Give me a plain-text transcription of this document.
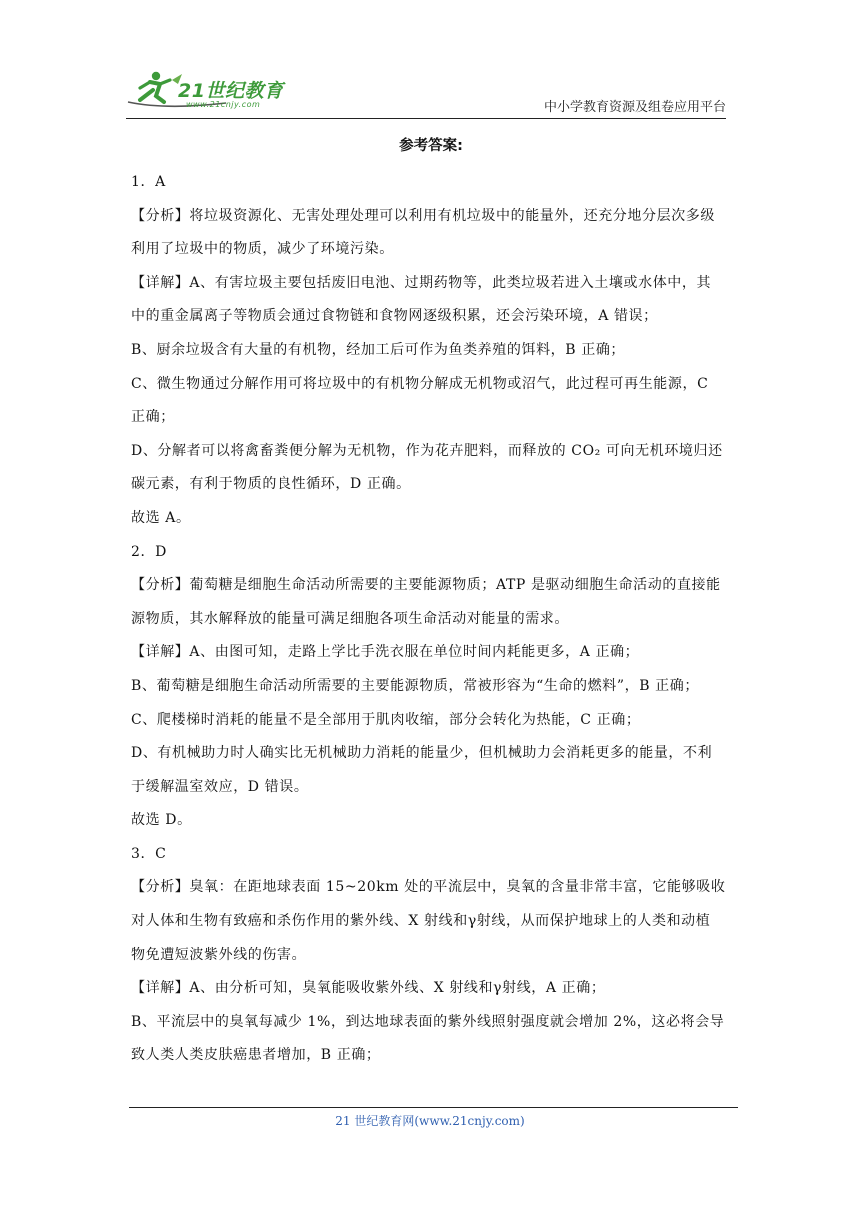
21世纪教育
www.21cnjy.com	中小学教育资源及组卷应用平台
参考答案:
1．A
【分析】将垃圾资源化、无害处理处理可以利用有机垃圾中的能量外，还充分地分层次多级
利用了垃圾中的物质，减少了环境污染。
【详解】A、有害垃圾主要包括废旧电池、过期药物等，此类垃圾若进入土壤或水体中，其
中的重金属离子等物质会通过食物链和食物网逐级积累，还会污染环境，A 错误；
B、厨余垃圾含有大量的有机物，经加工后可作为鱼类养殖的饵料，B 正确；
C、微生物通过分解作用可将垃圾中的有机物分解成无机物或沼气，此过程可再生能源，C
正确；
D、分解者可以将禽畜粪便分解为无机物，作为花卉肥料，而释放的 CO₂ 可向无机环境归还
碳元素，有利于物质的良性循环，D 正确。
故选 A。
2．D
【分析】葡萄糖是细胞生命活动所需要的主要能源物质；ATP 是驱动细胞生命活动的直接能
源物质，其水解释放的能量可满足细胞各项生命活动对能量的需求。
【详解】A、由图可知，走路上学比手洗衣服在单位时间内耗能更多，A 正确；
B、葡萄糖是细胞生命活动所需要的主要能源物质，常被形容为“生命的燃料”，B 正确；
C、爬楼梯时消耗的能量不是全部用于肌肉收缩，部分会转化为热能，C 正确；
D、有机械助力时人确实比无机械助力消耗的能量少，但机械助力会消耗更多的能量，不利
于缓解温室效应，D 错误。
故选 D。
3．C
【分析】臭氧：在距地球表面 15~20km 处的平流层中，臭氧的含量非常丰富，它能够吸收
对人体和生物有致癌和杀伤作用的紫外线、X 射线和γ射线，从而保护地球上的人类和动植
物免遭短波紫外线的伤害。
【详解】A、由分析可知，臭氧能吸收紫外线、X 射线和γ射线，A 正确；
B、平流层中的臭氧每减少 1%，到达地球表面的紫外线照射强度就会增加 2%，这必将会导
致人类人类皮肤癌患者增加，B 正确；
21 世纪教育网(www.21cnjy.com)
